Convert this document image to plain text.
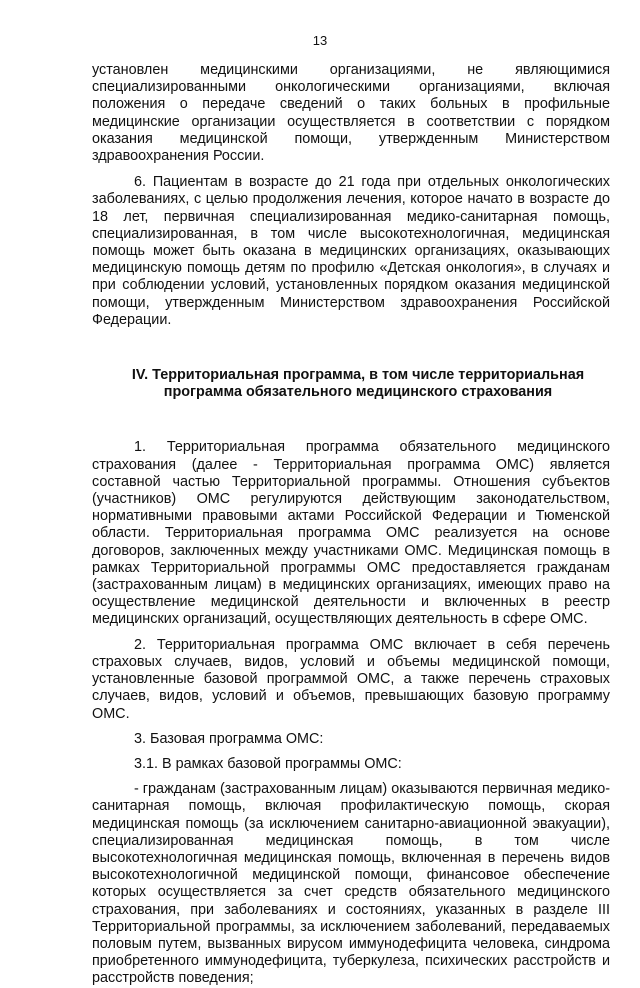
13

установлен медицинскими организациями, не являющимися специализированными онкологическими организациями, включая положения о передаче сведений о таких больных в профильные медицинские организации осуществляется в соответствии с порядком оказания медицинской помощи, утвержденным Министерством здравоохранения России.

6. Пациентам в возрасте до 21 года при отдельных онкологических заболеваниях, с целью продолжения лечения, которое начато в возрасте до 18 лет, первичная специализированная медико-санитарная помощь, специализированная, в том числе высокотехнологичная, медицинская помощь может быть оказана в медицинских организациях, оказывающих медицинскую помощь детям по профилю «Детская онкология», в случаях и при соблюдении условий, установленных порядком оказания медицинской помощи, утвержденным Министерством здравоохранения Российской Федерации.

IV. Территориальная программа, в том числе территориальная
программа обязательного медицинского страхования

1. Территориальная программа обязательного медицинского страхования (далее - Территориальная программа ОМС) является составной частью Территориальной программы. Отношения субъектов (участников) ОМС регулируются действующим законодательством, нормативными правовыми актами Российской Федерации и Тюменской области. Территориальная программа ОМС реализуется на основе договоров, заключенных между участниками ОМС. Медицинская помощь в рамках Территориальной программы ОМС предоставляется гражданам (застрахованным лицам) в медицинских организациях, имеющих право на осуществление медицинской деятельности и включенных в реестр медицинских организаций, осуществляющих деятельность в сфере ОМС.

2. Территориальная программа ОМС включает в себя перечень страховых случаев, видов, условий и объемы медицинской помощи, установленные базовой программой ОМС, а также перечень страховых случаев, видов, условий и объемов, превышающих базовую программу ОМС.

3. Базовая программа ОМС:

3.1. В рамках базовой программы ОМС:

- гражданам (застрахованным лицам) оказываются первичная медико-санитарная помощь, включая профилактическую помощь, скорая медицинская помощь (за исключением санитарно-авиационной эвакуации), специализированная медицинская помощь, в том числе высокотехнологичная медицинская помощь, включенная в перечень видов высокотехнологичной медицинской помощи, финансовое обеспечение которых осуществляется за счет средств обязательного медицинского страхования, при заболеваниях и состояниях, указанных в разделе III Территориальной программы, за исключением заболеваний, передаваемых половым путем, вызванных вирусом иммунодефицита человека, синдрома приобретенного иммунодефицита, туберкулеза, психических расстройств и расстройств поведения;
